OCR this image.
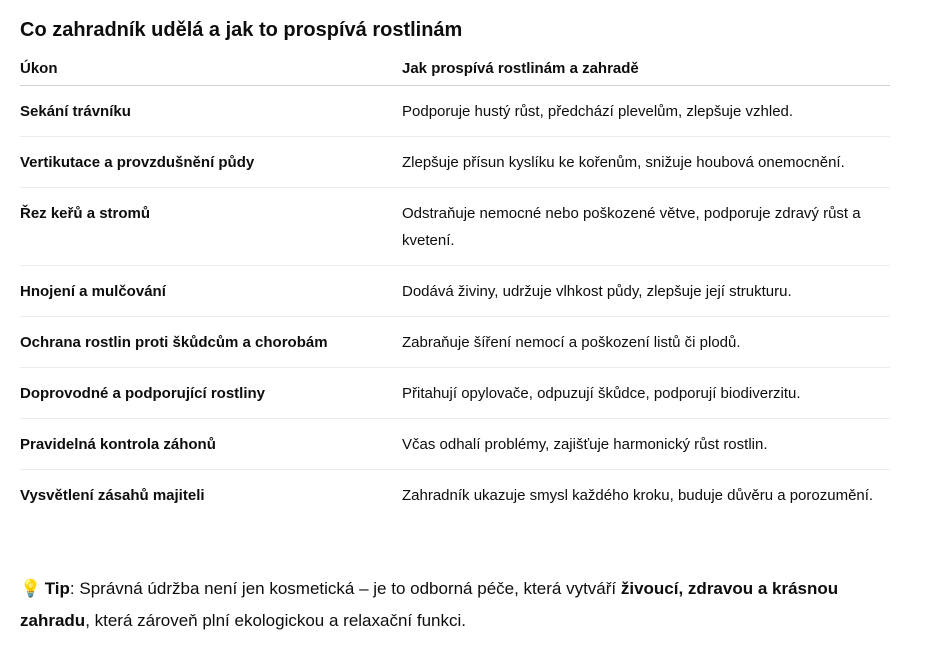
Co zahradník udělá a jak to prospívá rostlinám
Úkon	Jak prospívá rostlinám a zahradě
Sekání trávníku	Podporuje hustý růst, předchází plevelům, zlepšuje vzhled.
Vertikutace a provzdušnění půdy	Zlepšuje přísun kyslíku ke kořenům, snižuje houbová onemocnění.
Řez keřů a stromů	Odstraňuje nemocné nebo poškozené větve, podporuje zdravý růst a kvetení.
Hnojení a mulčování	Dodává živiny, udržuje vlhkost půdy, zlepšuje její strukturu.
Ochrana rostlin proti škůdcům a chorobám	Zabraňuje šíření nemocí a poškození listů či plodů.
Doprovodné a podporující rostliny	Přitahují opylovače, odpuzují škůdce, podporují biodiverzitu.
Pravidelná kontrola záhonů	Včas odhalí problémy, zajišťuje harmonický růst rostlin.
Vysvětlení zásahů majiteli	Zahradník ukazuje smysl každého kroku, buduje důvěru a porozumění.

💡 Tip: Správná údržba není jen kosmetická – je to odborná péče, která vytváří živoucí, zdravou a krásnou zahradu, která zároveň plní ekologickou a relaxační funkci.
